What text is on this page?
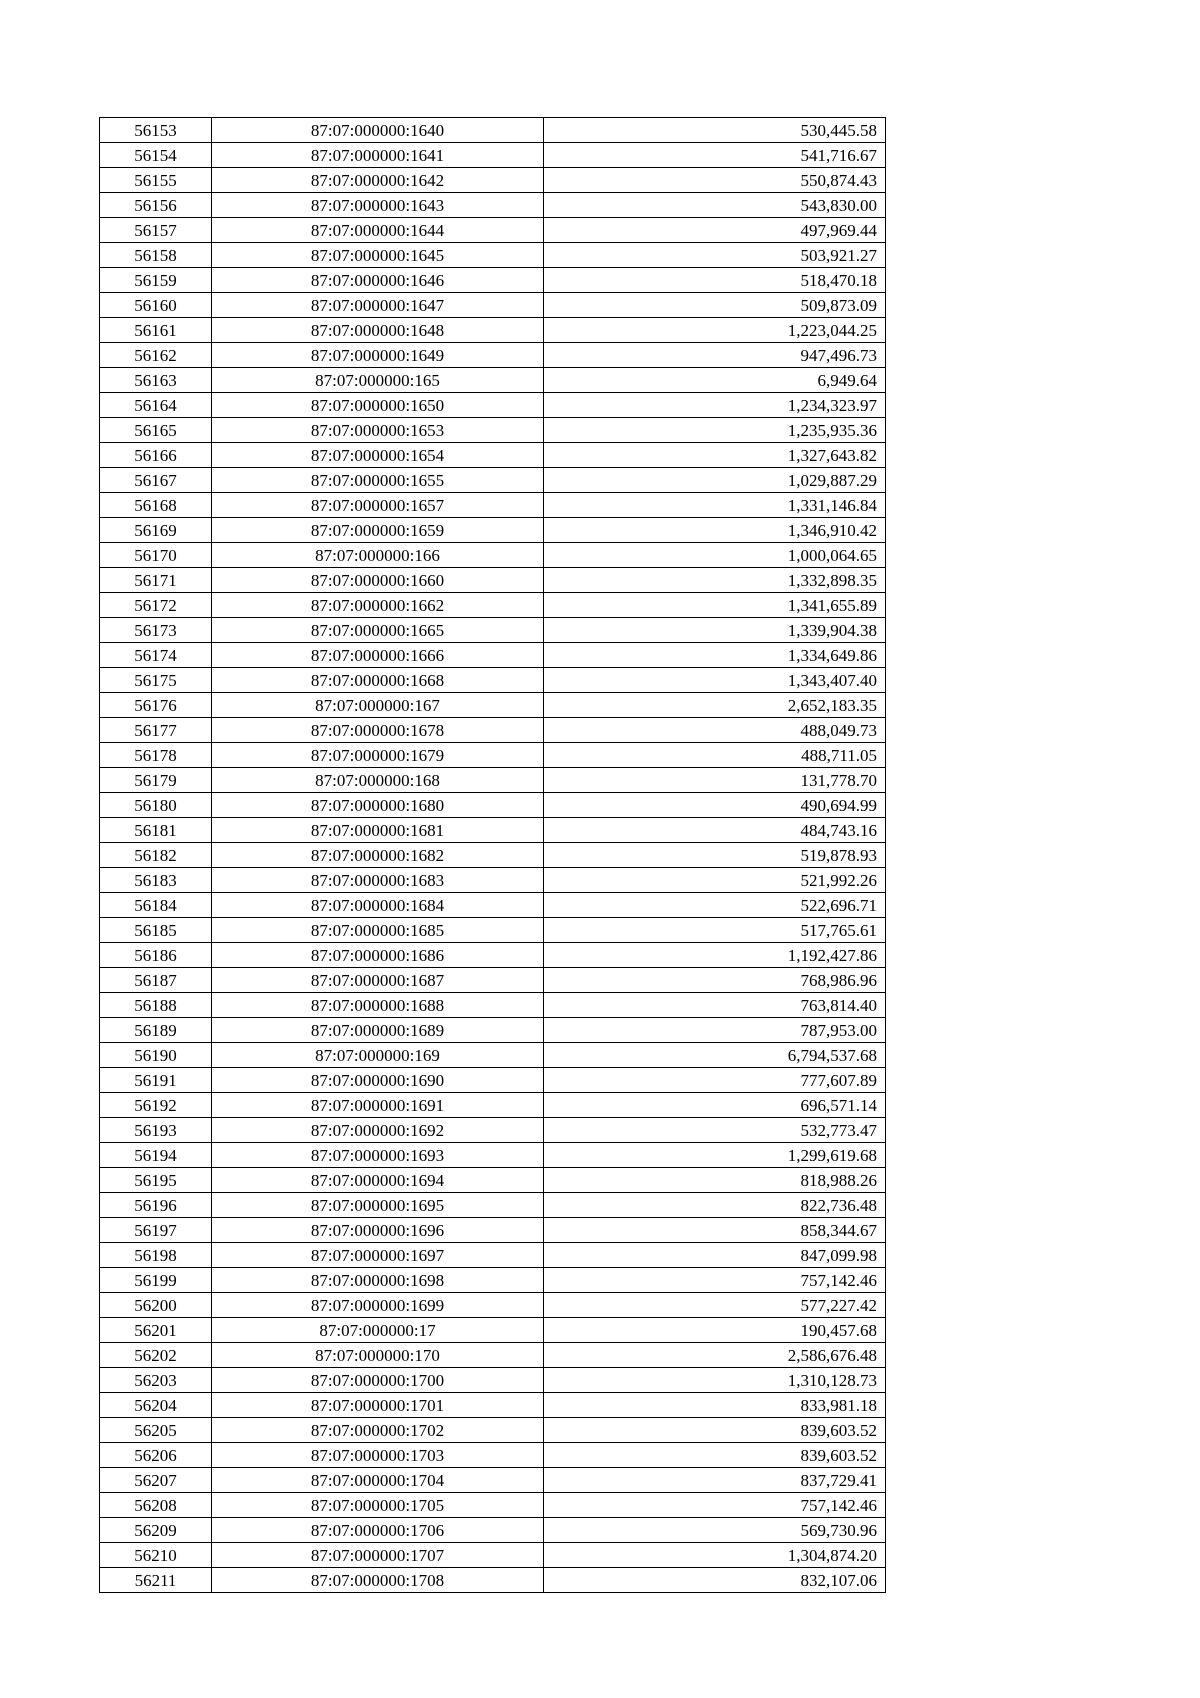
56153	87:07:000000:1640	530,445.58
56154	87:07:000000:1641	541,716.67
56155	87:07:000000:1642	550,874.43
56156	87:07:000000:1643	543,830.00
56157	87:07:000000:1644	497,969.44
56158	87:07:000000:1645	503,921.27
56159	87:07:000000:1646	518,470.18
56160	87:07:000000:1647	509,873.09
56161	87:07:000000:1648	1,223,044.25
56162	87:07:000000:1649	947,496.73
56163	87:07:000000:165	6,949.64
56164	87:07:000000:1650	1,234,323.97
56165	87:07:000000:1653	1,235,935.36
56166	87:07:000000:1654	1,327,643.82
56167	87:07:000000:1655	1,029,887.29
56168	87:07:000000:1657	1,331,146.84
56169	87:07:000000:1659	1,346,910.42
56170	87:07:000000:166	1,000,064.65
56171	87:07:000000:1660	1,332,898.35
56172	87:07:000000:1662	1,341,655.89
56173	87:07:000000:1665	1,339,904.38
56174	87:07:000000:1666	1,334,649.86
56175	87:07:000000:1668	1,343,407.40
56176	87:07:000000:167	2,652,183.35
56177	87:07:000000:1678	488,049.73
56178	87:07:000000:1679	488,711.05
56179	87:07:000000:168	131,778.70
56180	87:07:000000:1680	490,694.99
56181	87:07:000000:1681	484,743.16
56182	87:07:000000:1682	519,878.93
56183	87:07:000000:1683	521,992.26
56184	87:07:000000:1684	522,696.71
56185	87:07:000000:1685	517,765.61
56186	87:07:000000:1686	1,192,427.86
56187	87:07:000000:1687	768,986.96
56188	87:07:000000:1688	763,814.40
56189	87:07:000000:1689	787,953.00
56190	87:07:000000:169	6,794,537.68
56191	87:07:000000:1690	777,607.89
56192	87:07:000000:1691	696,571.14
56193	87:07:000000:1692	532,773.47
56194	87:07:000000:1693	1,299,619.68
56195	87:07:000000:1694	818,988.26
56196	87:07:000000:1695	822,736.48
56197	87:07:000000:1696	858,344.67
56198	87:07:000000:1697	847,099.98
56199	87:07:000000:1698	757,142.46
56200	87:07:000000:1699	577,227.42
56201	87:07:000000:17	190,457.68
56202	87:07:000000:170	2,586,676.48
56203	87:07:000000:1700	1,310,128.73
56204	87:07:000000:1701	833,981.18
56205	87:07:000000:1702	839,603.52
56206	87:07:000000:1703	839,603.52
56207	87:07:000000:1704	837,729.41
56208	87:07:000000:1705	757,142.46
56209	87:07:000000:1706	569,730.96
56210	87:07:000000:1707	1,304,874.20
56211	87:07:000000:1708	832,107.06
